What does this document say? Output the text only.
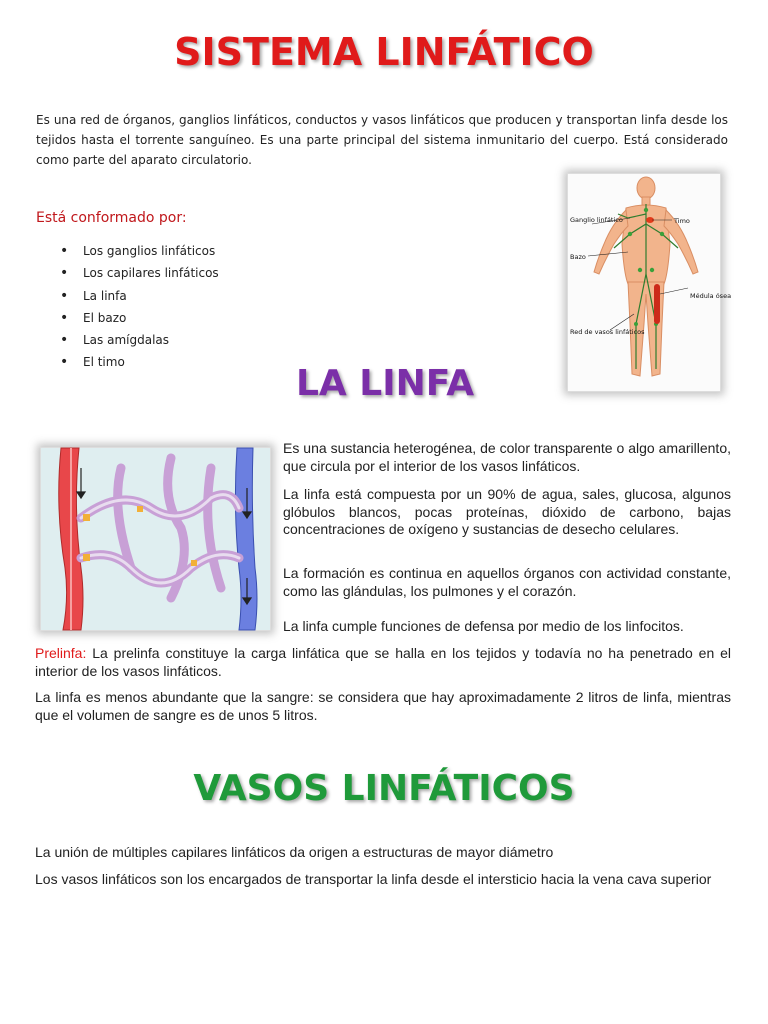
SISTEMA LINFÁTICO
Es una red de órganos, ganglios linfáticos, conductos y vasos linfáticos que producen y transportan linfa desde los tejidos hasta el torrente sanguíneo. Es una parte principal del sistema inmunitario del cuerpo. Está considerado como parte del aparato circulatorio.
Está conformado por:
• Los ganglios linfáticos
• Los capilares linfáticos
• La linfa
• El bazo
• Las amígdalas
• El timo
Ganglio linfático	Timo
Bazo
Médula ósea
Red de vasos linfáticos
LA LINFA
Es una sustancia heterogénea, de color transparente o algo amarillento, que circula por el interior de los vasos linfáticos.
La linfa está compuesta por un 90% de agua, sales, glucosa, algunos glóbulos blancos, pocas proteínas, dióxido de carbono, bajas concentraciones de oxígeno y sustancias de desecho celulares.
La formación es continua en aquellos órganos con actividad constante, como las glándulas, los pulmones y el corazón.
La linfa cumple funciones de defensa por medio de los linfocitos.
Prelinfa: La prelinfa constituye la carga linfática que se halla en los tejidos y todavía no ha penetrado en el interior de los vasos linfáticos.
La linfa es menos abundante que la sangre: se considera que hay aproximadamente 2 litros de linfa, mientras que el volumen de sangre es de unos 5 litros.
VASOS LINFÁTICOS
La unión de múltiples capilares linfáticos da origen a estructuras de mayor diámetro
Los vasos linfáticos son los encargados de transportar la linfa desde el intersticio hacia la vena cava superior
